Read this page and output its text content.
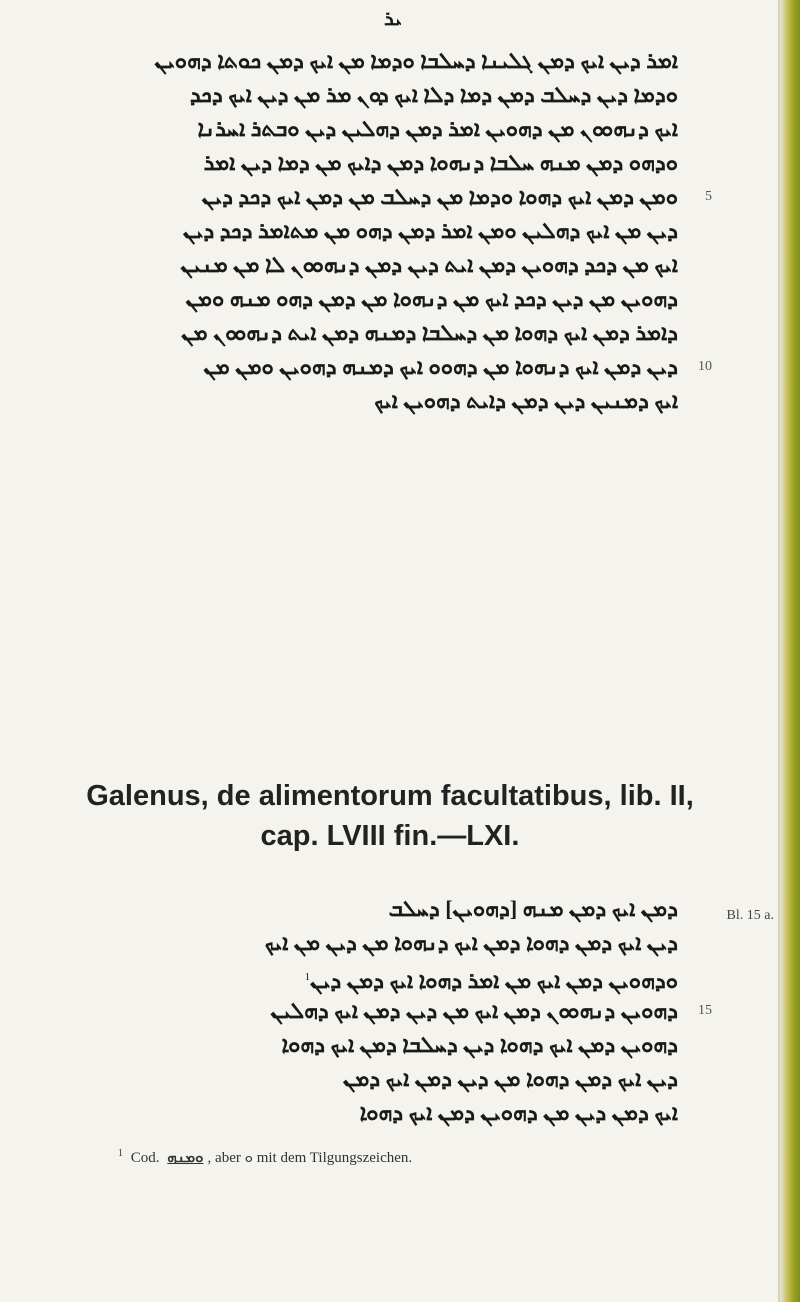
ܝܪ
ܐܡܪ ܕܝܢ ܐܝܟ ܕܡܢ ܓܠܝܢܐ ܕܚܠܒܐ ܘܕܡܐ ܡܢ ܐܝܟ ܕܡܢ ܟܘܬܐ ܕܗܘܝܢ
ܘܕܡܐ ܕܝܢ ܕܚܠܒ ܕܡܢ ܕܡܐ ܕܠܐ ܐܝܟ ܕܘܢ ܡܪ ܡܢ ܕܝܢ ܐܝܟ ܕܟܕ
ܐܝܟ ܕܢܗܘܘܢ ܡܢ ܕܗܘܝܢ ܐܡܪ ܕܡܢ ܕܗܠܝܢ ܕܝܢ ܘܒܬܪ ܐܚܪܢܐ
ܘܕܗܘ ܕܡܢ ܡܢܗ ܚܠܒܐ ܕܢܗܘܐ ܕܡܢ ܕܐܝܟ ܡܢ ܕܡܐ ܕܝܢ ܐܡܪ
ܘܡܢ ܕܡܢ ܐܝܟ ܕܗܘܐ ܘܕܡܐ ܡܢ ܕܚܠܒ ܡܢ ܕܡܢ ܐܝܟ ܕܟܕ ܕܝܢ 5
ܕܝܢ ܡܢ ܐܝܟ ܕܗܠܝܢ ܘܡܢ ܐܡܪ ܕܡܢ ܕܗܘ ܡܢ ܡܬܐܡܪ ܕܟܕ ܕܝܢ
ܐܝܟ ܡܢ ܕܟܕ ܕܗܘܝܢ ܕܡܢ ܐܝܬ ܕܝܢ ܕܡܢ ܕܢܗܘܘܢ ܠܐ ܡܢ ܡܢܝܢ
ܕܗܘܝܢ ܡܢ ܕܝܢ ܕܟܕ ܐܝܟ ܡܢ ܕܢܗܘܐ ܡܢ ܕܡܢ ܕܗܘ ܡܢܗ ܘܡܢ
ܕܐܡܪ ܕܡܢ ܐܝܟ ܕܗܘܐ ܡܢ ܕܚܠܒܐ ܕܡܢܗ ܕܡܢ ܐܝܬ ܕܢܗܘܘܢ ܡܢ
ܕܝܢ ܕܡܢ ܐܝܟ ܕܢܗܘܐ ܡܢ ܕܗܘܘ ܐܝܟ ܕܡܢܗ ܕܗܘܝܢ ܘܡܢ ܡܢ 10
ܐܝܟ ܕܡܢܝܢ ܕܝܢ ܕܡܢ ܕܐܝܬ ܕܗܘܝܢ ܐܝܟ
Galenus, de alimentorum facultatibus, lib. II,
cap. LVIII fin.—LXI.
Bl. 15 a.
ܕܡܢ ܐܝܟ ܕܡܢ ܡܢܗ [ܕܗܘܝܢ] ܕܚܠܒ
ܕܝܢ ܐܝܟ ܕܡܢ ܕܗܘܐ ܕܡܢ ܐܝܟ ܕܢܗܘܐ ܡܢ ܕܝܢ ܡܢ ܐܝܟ
ܘܕܗܘܝܢ ܕܡܢ ܐܝܟ ܡܢ ܐܡܪ ܕܗܘܐ ܐܝܟ ܕܡܢ ܕܝܢ$^1$
ܕܗܘܝܢ ܕܢܗܘܘܢ ܕܡܢ ܐܝܟ ܡܢ ܕܝܢ ܕܡܢ ܐܝܟ ܕܗܠܝܢ 15
ܕܗܘܝܢ ܕܡܢ ܐܝܟ ܕܗܘܐ ܕܝܢ ܕܚܠܒܐ ܕܡܢ ܐܝܟ ܕܗܘܐ
ܕܝܢ ܐܝܟ ܕܡܢ ܕܗܘܐ ܡܢ ܕܝܢ ܕܡܢ ܐܝܟ ܕܡܢ
ܐܝܟ ܕܡܢ ܕܝܢ ܡܢ ܕܗܘܝܢ ܕܡܢ ܐܝܟ ܕܗܘܐ
$^1$ Cod. ܘܡܢܗ , aber ܘ mit dem Tilgungszeichen.
